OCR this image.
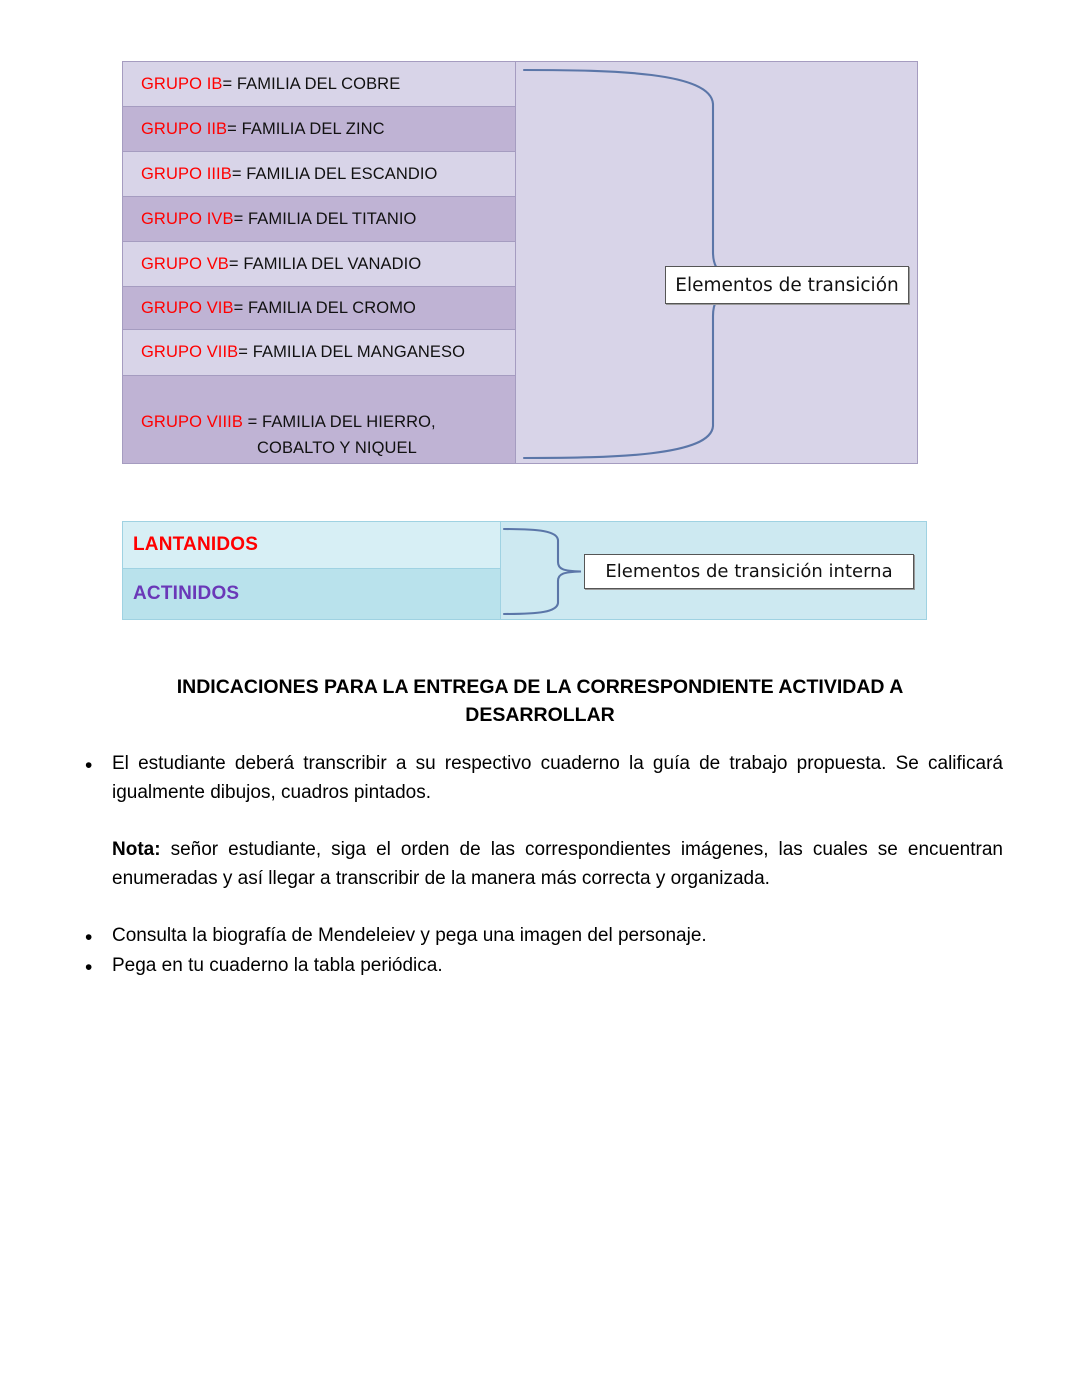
GRUPO IB = FAMILIA DEL COBRE
GRUPO IIB = FAMILIA DEL ZINC
GRUPO IIIB = FAMILIA DEL ESCANDIO
GRUPO IVB = FAMILIA DEL TITANIO
GRUPO VB = FAMILIA DEL VANADIO
GRUPO VIB = FAMILIA DEL CROMO
GRUPO VIIB = FAMILIA DEL MANGANESO
GRUPO VIIIB = FAMILIA DEL HIERRO,
COBALTO Y NIQUEL
Elementos de transición
LANTANIDOS
ACTINIDOS
Elementos de transición interna
INDICACIONES PARA LA ENTREGA DE LA CORRESPONDIENTE ACTIVIDAD A
DESARROLLAR
•	El estudiante deberá transcribir a su respectivo cuaderno la guía de trabajo propuesta. Se calificará igualmente dibujos, cuadros pintados.
Nota: señor estudiante, siga el orden de las correspondientes imágenes, las cuales se encuentran enumeradas y así llegar a transcribir de la manera más correcta y organizada.
•	Consulta la biografía de Mendeleiev y pega una imagen del personaje.
•	Pega en tu cuaderno la tabla periódica.
